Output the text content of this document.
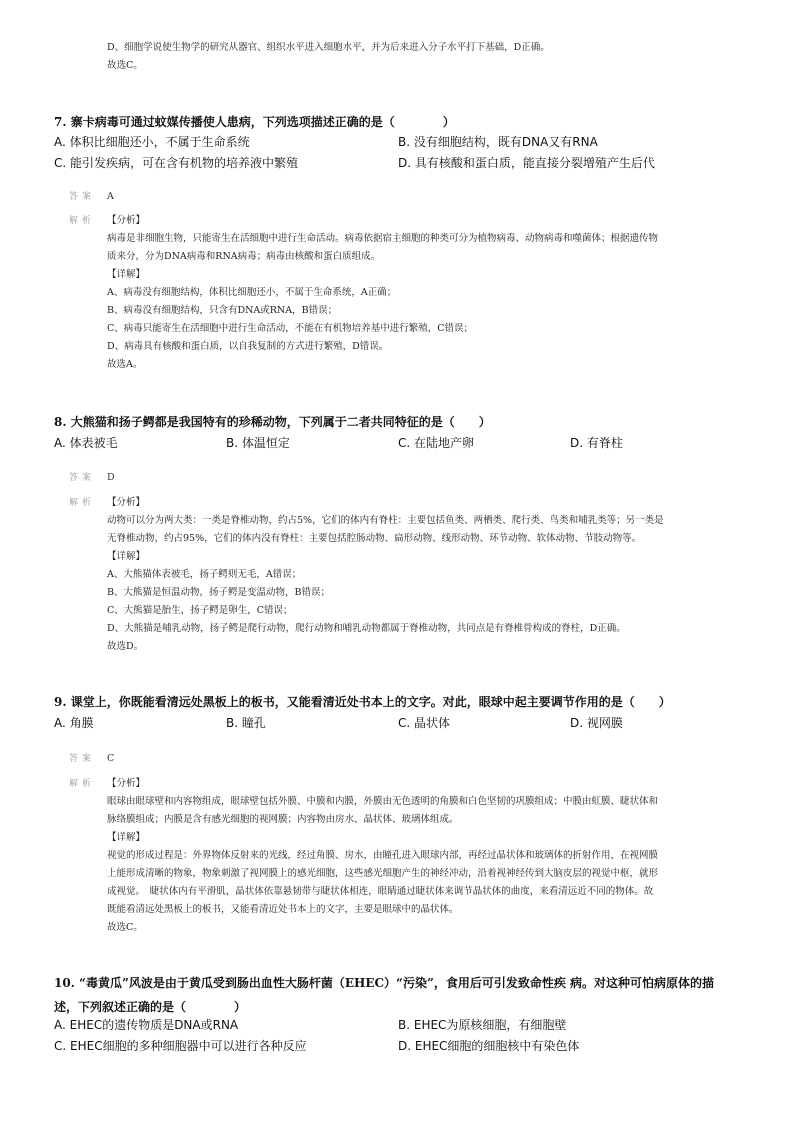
D、细胞学说使生物学的研究从器官、组织水平进入细胞水平，并为后来进入分子水平打下基础，D正确。
故选C。
7. 寨卡病毒可通过蚊媒传播使人患病，下列选项描述正确的是（　　　　）
A. 体积比细胞还小，不属于生命系统	B. 没有细胞结构，既有DNA又有RNA
C. 能引发疾病，可在含有机物的培养液中繁殖	D. 具有核酸和蛋白质，能直接分裂增殖产生后代
答案 A
解析 【分析】
病毒是非细胞生物，只能寄生在活细胞中进行生命活动。病毒依据宿主细胞的种类可分为植物病毒、动物病毒和噬菌体；根据遗传物
质来分，分为DNA病毒和RNA病毒；病毒由核酸和蛋白质组成。
【详解】
A、病毒没有细胞结构，体积比细胞还小，不属于生命系统，A正确；
B、病毒没有细胞结构，只含有DNA或RNA，B错误；
C、病毒只能寄生在活细胞中进行生命活动，不能在有机物培养基中进行繁殖，C错误；
D、病毒具有核酸和蛋白质，以自我复制的方式进行繁殖，D错误。
故选A。
8. 大熊猫和扬子鳄都是我国特有的珍稀动物，下列属于二者共同特征的是（　　）
A. 体表被毛	B. 体温恒定	C. 在陆地产卵	D. 有脊柱
答案 D
解析 【分析】
动物可以分为两大类：一类是脊椎动物，约占5%，它们的体内有脊柱：主要包括鱼类、两栖类、爬行类、鸟类和哺乳类等；另一类是
无脊椎动物，约占95%，它们的体内没有脊柱：主要包括腔肠动物、扁形动物、线形动物、环节动物、软体动物、节肢动物等。
【详解】
A、大熊猫体表被毛，扬子鳄则无毛，A错误；
B、大熊猫是恒温动物，扬子鳄是变温动物，B错误；
C、大熊猫是胎生，扬子鳄是卵生，C错误；
D、大熊猫是哺乳动物，扬子鳄是爬行动物，爬行动物和哺乳动物都属于脊椎动物，共同点是有脊椎骨构成的脊柱，D正确。
故选D。
9. 课堂上，你既能看清远处黑板上的板书，又能看清近处书本上的文字。对此，眼球中起主要调节作用的是（　　）
A. 角膜	B. 瞳孔	C. 晶状体	D. 视网膜
答案 C
解析 【分析】
眼球由眼球壁和内容物组成，眼球壁包括外膜、中膜和内膜，外膜由无色透明的角膜和白色坚韧的巩膜组成；中膜由虹膜、睫状体和
脉络膜组成；内膜是含有感光细胞的视网膜；内容物由房水、晶状体、玻璃体组成。
【详解】
视觉的形成过程是：外界物体反射来的光线，经过角膜、房水，由瞳孔进入眼球内部，再经过晶状体和玻璃体的折射作用，在视网膜
上能形成清晰的物象，物象刺激了视网膜上的感光细胞，这些感光细胞产生的神经冲动，沿着视神经传到大脑皮层的视觉中枢，就形
成视觉。　睫状体内有平滑肌，晶状体依靠悬韧带与睫状体相连，眼睛通过睫状体来调节晶状体的曲度，来看清远近不同的物体。故
既能看清远处黑板上的板书，又能看清近处书本上的文字，主要是眼球中的晶状体。
故选C。
10. “毒黄瓜”风波是由于黄瓜受到肠出血性大肠杆菌（EHEC）“污染”，食用后可引发致命性疾 病。对这种可怕病原体的描
述，下列叙述正确的是（　　　　）
A. EHEC的遗传物质是DNA或RNA	B. EHEC为原核细胞，有细胞壁
C. EHEC细胞的多种细胞器中可以进行各种反应	D. EHEC细胞的细胞核中有染色体
